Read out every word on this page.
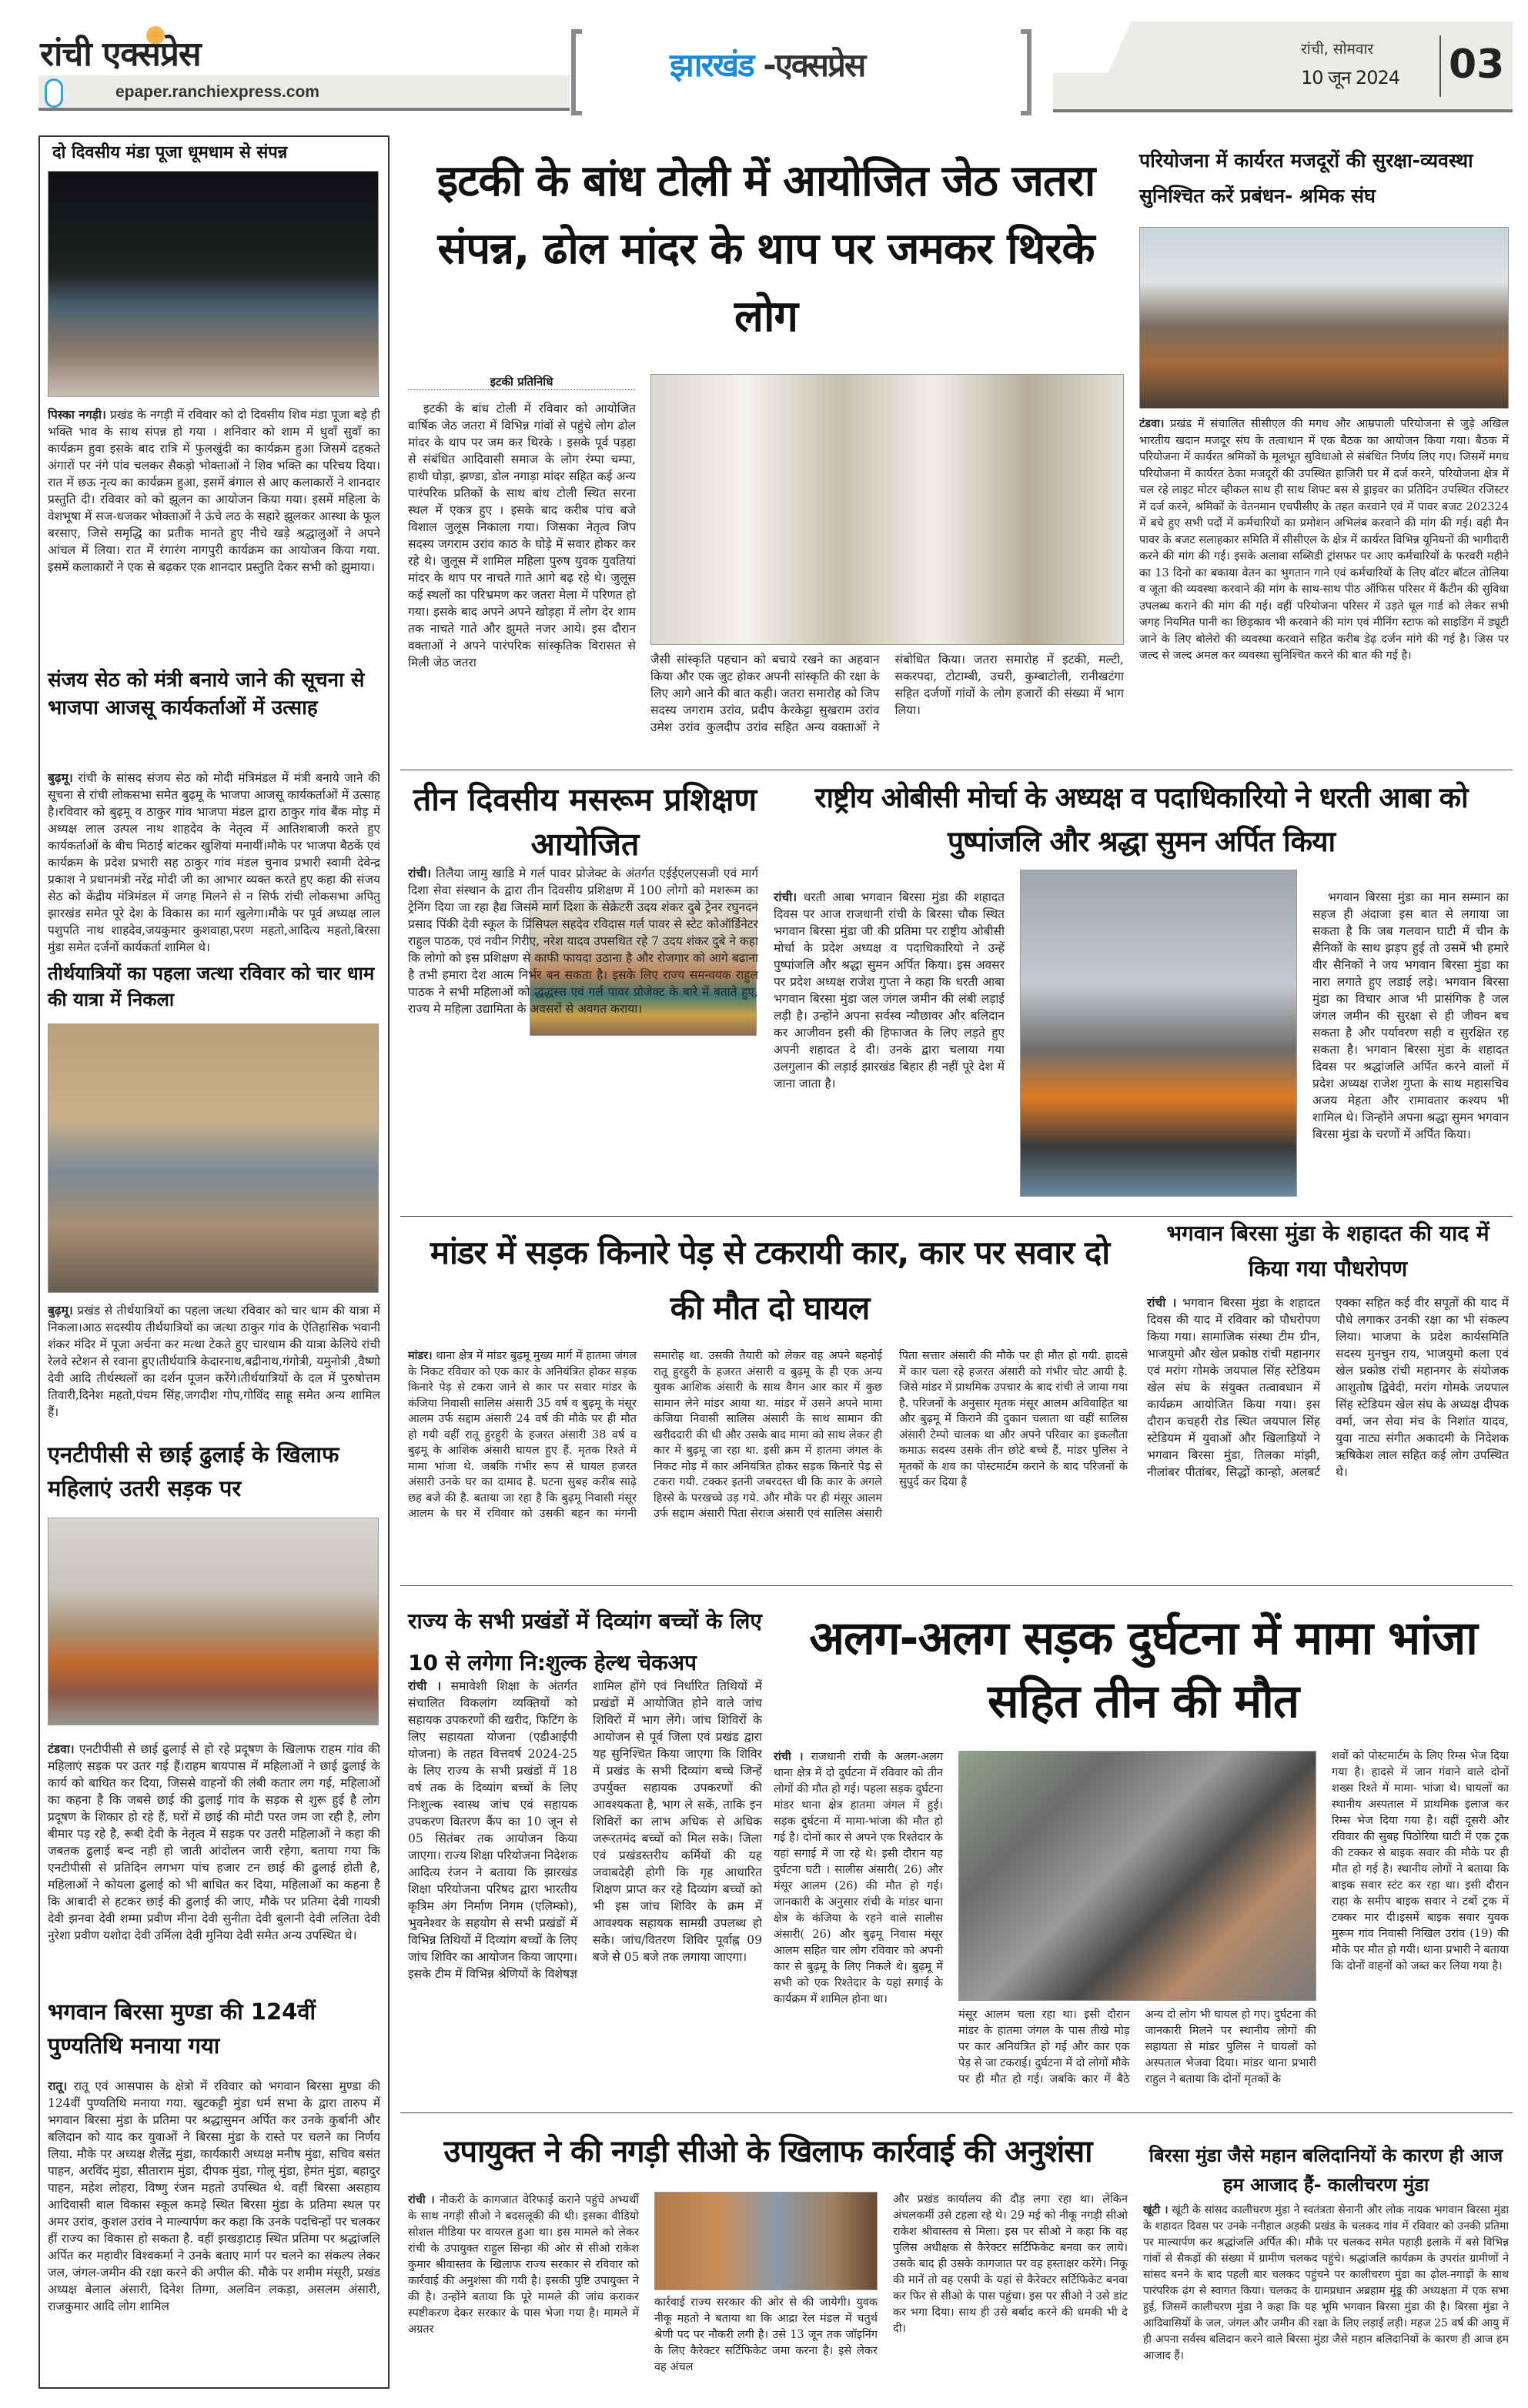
रांची एक्सप्रेस
epaper.ranchiexpress.com
झारखंड -एक्सप्रेस	रांची, सोमवार
10 जून 2024 03
दो दिवसीय मंडा पूजा धूमधाम से संपन्न
पिस्का नगड़ी। प्रखंड के नगड़ी में रविवार को दो दिवसीय शिव मंडा पूजा बड़े ही भक्ति भाव के साथ संपन्न हो गया । शनिवार को शाम में धुवाँ सुवाँ का कार्यक्रम हुवा इसके बाद रात्रि में फुलखुंदी का कार्यक्रम हुआ जिसमें दहकते अंगारों पर नंगे पांव चलकर सैकड़ो भोक्ताओं ने शिव भक्ति का परिचय दिया। रात में छऊ नृत्य का कार्यक्रम हुआ, इसमें बंगाल से आए कलाकारों ने शानदार प्रस्तुति दी। रविवार को को झूलन का आयोजन किया गया। इसमें महिला के वेशभूषा में सज-धजकर भोक्ताओं ने ऊंचे लठ के सहारे झूलकर आस्था के फूल बरसाए, जिसे समृद्धि का प्रतीक मानते हुए नीचे खड़े श्रद्धालुओं ने अपने आंचल में लिया। रात में रंगारंग नागपुरी कार्यक्रम का आयोजन किया गया. इसमें कलाकारों ने एक से बढ़कर एक शानदार प्रस्तुति देकर सभी को झुमाया।
संजय सेठ को मंत्री बनाये जाने की सूचना से भाजपा आजसू कार्यकर्ताओं में उत्साह
बुढ़मू। रांची के सांसद संजय सेठ को मोदी मंत्रिमंडल में मंत्री बनाये जाने की सूचना से रांची लोकसभा समेत बुढ़मू के भाजपा आजसू कार्यकर्ताओं में उत्साह है।रविवार को बुढ़मू व ठाकुर गांव भाजपा मंडल द्वारा ठाकुर गांव बैंक मोड़ में अध्यक्ष लाल उत्पल नाथ शाहदेव के नेतृत्व में आतिशबाजी करते हुए कार्यकर्ताओं के बीच मिठाई बांटकर खुशियां मनायीं।मौके पर भाजपा बैठकें एवं कार्यक्रम के प्रदेश प्रभारी सह ठाकुर गांव मंडल चुनाव प्रभारी स्वामी देवेन्द्र प्रकाश ने प्रधानमंत्री नरेंद्र मोदी जी का आभार व्यक्त करते हुए कहा की संजय सेठ को केंद्रीय मंत्रिमंडल में जगह मिलने से न सिर्फ रांची लोकसभा अपितु झारखंड समेत पूरे देश के विकास का मार्ग खुलेगा।मौके पर पूर्व अध्यक्ष लाल पशुपति नाथ शाहदेव,जयकुमार कुशवाहा,परण महतो,आदित्य महतो,बिरसा मुंडा समेत दर्जनों कार्यकर्ता शामिल थे।
तीर्थयात्रियों का पहला जत्था रविवार को चार धाम की यात्रा में निकला
बुढ़मू। प्रखंड से तीर्थयात्रियों का पहला जत्था रविवार को चार धाम की यात्रा में निकला।आठ सदस्यीय तीर्थयात्रियों का जत्था ठाकुर गांव के ऐतिहासिक भवानी शंकर मंदिर में पूजा अर्चना कर मत्था टेकते हुए चारधाम की यात्रा केलिये रांची रेलवे स्टेशन से रवाना हुए।तीर्थयात्रि केदारनाथ,बद्रीनाथ,गंगोत्री, यमुनोत्री ,वैष्णो देवी आदि तीर्थस्थलों का दर्शन पूजन करेंगे।तीर्थयात्रियों के दल में पुरुषोत्तम तिवारी,दिनेश महतो,पंचम सिंह,जगदीश गोप,गोविंद साहू समेत अन्य शामिल हैं।
एनटीपीसी से छाई ढुलाई के खिलाफ महिलाएं उतरी सड़क पर
टंडवा। एनटीपीसी से छाई ढुलाई से हो रहे प्रदूषण के खिलाफ राहम गांव की महिलाएं सड़क पर उतर गई हैं।राहम बायपास में महिलाओं ने छाई ढुलाई के कार्य को बाधित कर दिया, जिससे वाहनों की लंबी कतार लग गई, महिलाओं का कहना है कि जबसे छाई की ढुलाई गांव के सड़क से शुरू हुई है लोग प्रदूषण के शिकार हो रहे हैं, घरों में छाई की मोटी परत जम जा रही है, लोग बीमार पड़ रहे है, रूबी देवी के नेतृत्व में सड़क पर उतरी महिलाओं ने कहा की जबतक ढुलाई बन्द नही हो जाती आंदोलन जारी रहेगा, बताया गया कि एनटीपीसी से प्रतिदिन लगभग पांच हजार टन छाई की ढुलाई होती है, महिलाओं ने कोयला ढुलाई को भी बाधित कर दिया, महिलाओं का कहना है कि आबादी से हटकर छाई की ढुलाई की जाए, मौके पर प्रतिमा देवी गायत्री देवी झनवा देवी शम्मा प्रवीण मीना देवी सुनीता देवी बुलानी देवी ललिता देवी नुरेशा प्रवीण यशोदा देवी उर्मिला देवी मुनिया देवी समेत अन्य उपस्थित थे।
भगवान बिरसा मुण्डा की 124वीं पुण्यतिथि मनाया गया
रातू। रातू एवं आसपास के क्षेत्रो में रविवार को भगवान बिरसा मुण्डा की 124वीं पुण्यतिथि मनाया गया. खुटकट्टी मुंडा धर्म सभा के द्वारा तारुप में भगवान बिरसा मुंडा के प्रतिमा पर श्रद्धासुमन अर्पित कर उनके कुर्बानी और बलिदान को याद कर युवाओं ने बिरसा मुंडा के रास्ते पर चलने का निर्णय लिया. मौके पर अध्यक्ष शैलेंद्र मुंडा, कार्यकारी अध्यक्ष मनीष मुंडा, सचिव बसंत पाहन, अरविंद मुंडा, सीताराम मुंडा, दीपक मुंडा, गोलू मुंडा, हेमंत मुंडा, बहादुर पाहन, महेश लोहरा, विष्णु रंजन महतो उपस्थित थे. वहीं बिरसा असहाय आदिवासी बाल विकास स्कूल कमड़े स्थित बिरसा मुंडा के प्रतिमा स्थल पर अमर उरांव, कुशल उरांव ने माल्यार्पण कर कहा कि उनके पदचिन्हों पर चलकर हीं राज्य का विकास हो सकता है. वहीं झखड़ाटाड़ स्थित प्रतिमा पर श्रद्धांजलि अर्पित कर महावीर विश्वकर्मा ने उनके बताए मार्ग पर चलने का संकल्प लेकर जल, जंगल-जमीन की रक्षा करने की अपील की. मौके पर शमीम मंसूरी, प्रखंड अध्यक्ष बेलाल अंसारी, दिनेश तिग्गा, अलविन लकड़ा, असलम अंसारी, राजकुमार आदि लोग शामिल
इटकी के बांध टोली में आयोजित जेठ जतरा संपन्न, ढोल मांदर के थाप पर जमकर थिरके लोग
इटकी प्रतिनिधि
इटकी के बांध टोली में रविवार को आयोजित वार्षिक जेठ जतरा में विभिन्न गांवों से पहुंचे लोग ढोल मांदर के थाप पर जम कर थिरके । इसके पूर्व पड़हा से संबंधित आदिवासी समाज के लोग रंम्पा चम्पा, हाथी घोड़ा, झण्डा, डोल नगाड़ा मांदर सहित कई अन्य पारंपरिक प्रतिकों के साथ बांध टोली स्थित सरना स्थल में एकत्र हुए । इसके बाद करीब पांच बजे विशाल जुलूस निकाला गया। जिसका नेतृत्व जिप सदस्य जगराम उरांव काठ के घोड़े में सवार होकर कर रहे थे। जुलूस में शामिल महिला पुरुष युवक युवतियां मांदर के थाप पर नाचते गाते आगे बढ़ रहे थे। जुलूस कई स्थलों का परिभ्रमण कर जतरा मेला में परिणत हो गया। इसके बाद अपने अपने खोड़हा में लोग देर शाम तक नाचते गाते और झुमते नजर आये। इस दौरान वक्ताओं ने अपने पारंपरिक सांस्कृतिक विरासत से मिली जेठ जतरा	जैसी सांस्कृति पहचान को बचाये रखने का अहवान किया और एक जुट होकर अपनी सांस्कृति की रक्षा के लिए आगे आने की बात कही। जतरा समारोह को जिप सदस्य जगराम उरांव, प्रदीप केरकेट्टा सुखराम उरांव उमेश उरांव कुलदीप उरांव सहित अन्य वक्ताओं ने संबोधित किया। जतरा समारोह में इटकी, मल्टी, सकरपदा, टोटाम्बी, उचरी, कुम्बाटोली, रानीखटंगा सहित दर्जणों गांवों के लोग हजारों की संख्या में भाग लिया।
परियोजना में कार्यरत मजदूरों की सुरक्षा-व्यवस्था सुनिश्चित करें प्रबंधन- श्रमिक संघ
टंडवा। प्रखंड में संचालित सीसीएल की मगध और आम्रपाली परियोजना से जुड़े अखिल भारतीय खदान मजदूर संघ के तत्वाधान में एक बैठक का आयोजन किया गया। बैठक में परियोजना में कार्यरत श्रमिकों के मूलभूत सुविधाओ से संबंधित निर्णय लिए गए। जिसमें मगध परियोजना में कार्यरत ठेका मजदूरों की उपस्थित हाजिरी घर में दर्ज करने, परियोजना क्षेत्र में चल रहे लाइट मोटर व्हीकल साथ ही साथ शिफ्ट बस से ड्राइवर का प्रतिदिन उपस्थित रजिस्टर में दर्ज करने, श्रमिकों के वेतनमान एचपीसीए के तहत करवाने एवं में पावर बजट 202324 में बचे हुए सभी पदों में कर्मचारियों का प्रमोशन अभिलंब करवाने की मांग की गई। वही मैन पावर के बजट सलाहकार समिति में सीसीएल के क्षेत्र में कार्यरत विभिन्न यूनियनों की भागीदारी करने की मांग की गई। इसके अलावा सब्सिडी ट्रांसफर पर आए कर्मचारियों के फरवरी महीने का 13 दिनो का बकाया वेतन का भुगतान गाने एवं कर्मचारियों के लिए वॉटर बॉटल तोलिया व जूता की व्यवस्था करवाने की मांग के साथ-साथ पीठ ऑफिस परिसर में कैंटीन की सुविधा उपलब्ध कराने की मांग की गई। वहीं परियोजना परिसर में उड़ते धूल गार्ड को लेकर सभी जगह नियमित पानी का छिड़काव भी करवाने की मांग एवं मीनिंग स्टाफ को साइडिंग में ड्यूटी जाने के लिए बोलेरो की व्यवस्था करवाने सहित करीब डेढ़ दर्जन मांगे की गई है। जिस पर जल्द से जल्द अमल कर व्यवस्था सुनिश्चित करने की बात की गई है।
तीन दिवसीय मसरूम प्रशिक्षण आयोजित
रांची। तिलैया जामु खाडि मे गर्ल पावर प्रोजेक्ट के अंतर्गत एईईएलएसजी एवं मार्ग दिशा सेवा संस्थान के द्वारा तीन दिवसीय प्रशिक्षण में 100 लोगो को मशरूम का ट्रेनिंग दिया जा रहा हैद्य जिसमे मार्ग दिशा के सेक्रेटरी उदय शंकर दुबे ट्रेनर रघुनदन प्रसाद पिंकी देवी स्कूल के प्रिंसिपल सहदेव रविदास गर्ल पावर से स्टेट कोऑर्डिनेटर राहुल पाठक, एवं नवीन गिरीए, नरेश यादव उपसथित रहे 7 उदय शंकर दुबे ने कहा कि लोगो को इस प्रशिक्षण से काफी फायदा उठाना है और रोजगार को आगे बढाना है तभी हमारा देश आत्म निर्भर बन सकता है। इसके लिए राज्य समन्वयक राहुल पाठक ने सभी महिलाओं को द्धद्धस्त्त एवं गर्ल पावर प्रोजेक्ट के बारे में बताते हुए, राज्य मे महिला उद्यामिता के अवसरों से अवगत कराया।
राष्ट्रीय ओबीसी मोर्चा के अध्यक्ष व पदाधिकारियो ने धरती आबा को पुष्पांजलि और श्रद्धा सुमन अर्पित किया
रांची। धरती आबा भगवान बिरसा मुंडा की शहादत दिवस पर आज राजधानी रांची के बिरसा चौक स्थित भगवान बिरसा मुंडा जी की प्रतिमा पर राष्ट्रीय ओबीसी मोर्चा के प्रदेश अध्यक्ष व पदाधिकारियो ने उन्हें पुष्पांजलि और श्रद्धा सुमन अर्पित किया। इस अवसर पर प्रदेश अध्यक्ष राजेश गुप्ता ने कहा कि धरती आबा भगवान बिरसा मुंडा जल जंगल जमीन की लंबी लड़ाई लड़ी है। उन्होंने अपना सर्वस्व न्यौछावर और बलिदान कर आजीवन इसी की हिफाजत के लिए लड़ते हुए अपनी शहादत दे दी। उनके द्वारा चलाया गया उलगुलान की लड़ाई झारखंड बिहार ही नहीं पूरे देश में जाना जाता है।
भगवान बिरसा मुंडा का मान सम्मान का सहज ही अंदाजा इस बात से लगाया जा सकता है कि जब गलवान घाटी में चीन के सैनिकों के साथ झड़प हुई तो उसमें भी हमारे वीर सैनिकों ने जय भगवान बिरसा मुंडा का नारा लगाते हुए लडाई लड़े। भगवान बिरसा मुंडा का विचार आज भी प्रासंगिक है जल जंगल जमीन की सुरक्षा से ही जीवन बच सकता है और पर्यावरण सही व सुरक्षित रह सकता है। भगवान बिरसा मुंडा के शहादत दिवस पर श्रद्धांजलि अर्पित करने वालों में प्रदेश अध्यक्ष राजेश गुप्ता के साथ महासचिव अजय मेहता और रामावतार कश्यप भी शामिल थे। जिन्होंने अपना श्रद्धा सुमन भगवान बिरसा मुंडा के चरणों में अर्पित किया।
मांडर में सड़क किनारे पेड़ से टकरायी कार, कार पर सवार दो की मौत दो घायल
मांडर। थाना क्षेत्र में मांडर बुढ़मू मुख्य मार्ग में हातमा जंगल के निकट रविवार को एक कार के अनियंत्रित होकर सड़क किनारे पेड़ से टकरा जाने से कार पर सवार मांडर के कंजिया निवासी सालिस अंसारी 35 वर्ष व बुढ़मू के मंसूर आलम उर्फ सद्दाम अंसारी 24 वर्ष की मौके पर ही मौत हो गयी वहीं रातू हुरहुरी के हजरत अंसारी 38 वर्ष व बुढ़मू के आशिक अंसारी घायल हुए हैं. मृतक रिश्ते में मामा भांजा थे. जबकि गंभीर रूप से घायल हजरत अंसारी उनके घर का दामाद है. घटना सुबह करीब साढ़े छह बजे की है. बताया जा रहा है कि बुढ़मू निवासी मंसूर आलम के घर में रविवार को उसकी बहन का मंगनी समारोह था. उसकी तैयारी को लेकर वह अपने बहनोई रातू हुरहुरी के हजरत अंसारी व बुढ़मू के ही एक अन्य युवक आशिक अंसारी के साथ वैगन आर कार में कुछ सामान लेने मांडर आया था. मांडर में उसने अपने मामा कंजिया निवासी सालिस अंसारी के साथ सामान की खरीददारी की थी और उसके बाद मामा को साथ लेकर ही कार में बुढ़मू जा रहा था. इसी क्रम में हातमा जंगल के निकट मोड़ में कार अनियंत्रित होकर सड़क किनारे पेड़ से टकरा गयी. टक्कर इतनी जबरदस्त थी कि कार के अगले हिस्से के परखच्चे उड़ गये. और मौके पर ही मंसूर आलम उर्फ सद्दाम अंसारी पिता सेराज अंसारी एवं सालिस अंसारी पिता सत्तार अंसारी की मौके पर ही मौत हो गयी. हादसे में कार चला रहे हजरत अंसारी को गंभीर चोट आयी है. जिसे मांडर में प्राथमिक उपचार के बाद रांची ले जाया गया है. परिजनों के अनुसार मृतक मंसूर आलम अविवाहित था और बुढ़मू में किराने की दुकान चलाता था वहीं सालिस अंसारी टेम्पो चालक था और अपने परिवार का इकलौता कमाऊ सदस्य उसके तीन छोटे बच्चे हैं. मांडर पुलिस ने मृतकों के शव का पोस्टमार्टम कराने के बाद परिजनों के सुपुर्द कर दिया है
भगवान बिरसा मुंडा के शहादत की याद में किया गया पौधरोपण
रांची । भगवान बिरसा मुंडा के शहादत दिवस की याद में रविवार को पौधरोपण किया गया। सामाजिक संस्था टीम ग्रीन, भाजयुमो और खेल प्रकोष्ठ रांची महानगर एवं मरांग गोमके जयपाल सिंह स्टेडियम खेल संघ के संयुक्त तत्वावधान में कार्यक्रम आयोजित किया गया। इस दौरान कचहरी रोड स्थित जयपाल सिंह स्टेडियम में युवाओं और खिलाड़ियों ने भगवान बिरसा मुंडा, तिलका मांझी, नीलांबर पीतांबर, सिद्धों कान्हो, अलबर्ट एक्का सहित कई वीर सपूतों की याद में पौधे लगाकर उनकी रक्षा का भी संकल्प लिया। भाजपा के प्रदेश कार्यसमिति सदस्य मुनचुन राय, भाजयुमो कला एवं खेल प्रकोष्ठ रांची महानगर के संयोजक आशुतोष द्विवेदी, मरांग गोमके जयपाल सिंह स्टेडियम खेल संघ के अध्यक्ष दीपक वर्मा, जन सेवा मंच के निशांत यादव, युवा नाट्य संगीत अकादमी के निदेशक ऋषिकेश लाल सहित कई लोग उपस्थित थे।
राज्य के सभी प्रखंडों में दिव्यांग बच्चों के लिए 10 से लगेगा नि:शुल्क हेल्थ चेकअप
रांची । समावेशी शिक्षा के अंतर्गत संचालित विकलांग व्यक्तियों को सहायक उपकरणों की खरीद, फिटिंग के लिए सहायता योजना (एडीआईपी योजना) के तहत वित्तवर्ष 2024-25 के लिए राज्य के सभी प्रखंडों में 18 वर्ष तक के दिव्यांग बच्चों के लिए निःशुल्क स्वास्थ जांच एवं सहायक उपकरण वितरण कैंप का 10 जून से 05 सितंबर तक आयोजन किया जाएगा। राज्य शिक्षा परियोजना निदेशक आदित्य रंजन ने बताया कि झारखंड शिक्षा परियोजना परिषद द्वारा भारतीय कृत्रिम अंग निर्माण निगम (एलिम्को), भुवनेश्वर के सहयोग से सभी प्रखंडों में विभिन्न तिथियों में दिव्यांग बच्चों के लिए जांच शिविर का आयोजन किया जाएगा। इसके टीम में विभिन्न श्रेणियों के विशेषज्ञ शामिल होंगे एवं निर्धारित तिथियों में प्रखंडों में आयोजित होने वाले जांच शिविरों में भाग लेंगे। जांच शिविरों के आयोजन से पूर्व जिला एवं प्रखंड द्वारा यह सुनिश्चित किया जाएगा कि शिविर में प्रखंड के सभी दिव्यांग बच्चे जिन्हें उपर्युक्त सहायक उपकरणों की आवश्यकता है, भाग ले सकें, ताकि इन शिविरों का लाभ अधिक से अधिक जरूरतमंद बच्चों को मिल सके। जिला एवं प्रखंडस्तरीय कर्मियों की यह जवाबदेही होगी कि गृह आधारित शिक्षण प्राप्त कर रहे दिव्यांग बच्चों को भी इस जांच शिविर के क्रम में आवश्यक सहायक सामग्री उपलब्ध हो सके। जांच/वितरण शिविर पूर्वाह्न 09 बजे से 05 बजे तक लगाया जाएगा।
अलग-अलग सड़क दुर्घटना में मामा भांजा सहित तीन की मौत
रांची । राजधानी रांची के अलग-अलग थाना क्षेत्र में दो दुर्घटना में रविवार को तीन लोगों की मौत हो गई। पहला सड़क दुर्घटना मांडर थाना क्षेत्र हातमा जंगल में हुई। सड़क दुर्घटना में मामा-भांजा की मौत हो गई है। दोनों कार से अपने एक रिश्तेदार के यहां सगाई में जा रहे थे। इसी दौरान यह दुर्घटना घटी । सालीस अंसारी( 26) और मंसूर आलम (26) की मौत हो गई। जानकारी के अनुसार रांची के मांडर थाना क्षेत्र के कंजिया के रहने वाले सालीस अंसारी( 26) और बुढ़मू निवास मंसूर आलम सहित चार लोग रविवार को अपनी कार से बुढ़मू के लिए निकले थे। बुढ़मू में सभी को एक रिश्तेदार के यहां सगाई के कार्यक्रम में शामिल होना था।
मंसूर आलम चला रहा था। इसी दौरान मांडर के हातमा जंगल के पास तीखे मोड़ पर कार अनियंत्रित हो गई और कार एक पेड़ से जा टकराई। दुर्घटना में दो लोगों मौके पर ही मौत हो गई। जबकि कार में बैठे अन्य दो लोग भी घायल हो गए। दुर्घटना की जानकारी मिलने पर स्थानीय लोगों की सहायता से मांडर पुलिस ने घायलों को अस्पताल भेजवा दिया। मांडर थाना प्रभारी राहुल ने बताया कि दोनों मृतकों के
शवों को पोस्टमार्टम के लिए रिम्स भेज दिया गया है। हादसे में जान गंवाने वाले दोनों शख्स रिश्ते में मामा- भांजा थे। घायलों का स्थानीय अस्पताल में प्राथमिक इलाज कर रिम्स भेज दिया गया है। वहीं दूसरी और रविवार की सुबह पिठोरिया घाटी में एक ट्रक की टक्कर से बाइक सवार की मौके पर ही मौत हो गई है। स्थानीय लोगों ने बताया कि बाइक सवार स्टंट कर रहा था। इसी दौरान राहा के समीप बाइक सवार ने टर्बो ट्रक में टक्कर मार दी।इसमें बाइक सवार युवक मुरूम गांव निवासी निखिल उरांव (19) की मौके पर मौत हो गयी। थाना प्रभारी ने बताया कि दोनों वाहनों को जब्त कर लिया गया है।
उपायुक्त ने की नगड़ी सीओ के खिलाफ कार्रवाई की अनुशंसा
रांची । नौकरी के कागजात वेरिफाई कराने पहुंचे अभ्यर्थी के साथ नगड़ी सीओ ने बदसलूकी की थी। इसका वीडियो सोशल मीडिया पर वायरल हुआ था। इस मामले को लेकर रांची के उपायुक्त राहुल सिन्हा की ओर से सीओ राकेश कुमार श्रीवास्तव के खिलाफ राज्य सरकार से रविवार को कार्रवाई की अनुशंसा की गयी है। इसकी पुष्टि उपायुक्त ने की है। उन्होंने बताया कि पूरे मामले की जांच कराकर स्पष्टीकरण देकर सरकार के पास भेजा गया है। मामले में अग्रतर
कार्रवाई राज्य सरकार की ओर से की जायेगी। युवक नीकू महतो ने बताया था कि आद्रा रेल मंडल में चतुर्थ श्रेणी पद पर नौकरी लगी है। उसे 13 जून तक जॉइनिंग के लिए कैरेक्टर सर्टिफिकेट जमा करना है। इसे लेकर वह अंचल
और प्रखंड कार्यालय की दौड़ लगा रहा था। लेकिन अंचलकर्मी उसे टहला रहे थे। 29 मई को नीकू नगड़ी सीओ राकेश श्रीवास्तव से मिला। इस पर सीओ ने कहा कि वह पुलिस अधीक्षक से कैरेक्टर सर्टिफिकेट बनवा कर लाये। उसके बाद ही उसके कागजात पर वह हस्ताक्षर करेंगे। निकू की मानें तो वह एसपी के यहां से कैरेक्टर सर्टिफिकेट बनवा कर फिर से सीओ के पास पहुंचा। इस पर सीओ ने उसे डांट कर भगा दिया। साथ ही उसे बर्बाद करने की धमकी भी दे दी।
बिरसा मुंडा जैसे महान बलिदानियों के कारण ही आज हम आजाद हैं- कालीचरण मुंडा
खूंटी । खूंटी के सांसद कालीचरण मुंडा ने स्वतंत्रता सेनानी और लोक नायक भगवान बिरसा मुंडा के शहादत दिवस पर उनके ननीहाल अड़की प्रखंड के चलकद गांव में रविवार को उनकी प्रतिमा पर माल्यार्पण कर श्रद्धांजलि अर्पित की। मौके पर चलकद समेत पहाड़ी इलाके में बसे विभिन्न गांवों से सैकड़ों की संख्या में ग्रामीण चलकद पहुंचे। श्रद्धांजलि कार्यक्रम के उपरांत ग्रामीणों ने सांसद बनने के बाद पहली बार चलकद पहुंचने पर कालीचरण मुंडा का ढ़ोल-नगाड़ों के साथ पारंपरिक ढ़ंग से स्वागत किया। चलकद के ग्रामप्रधान अब्रहाम मुंडू की अध्यक्षता में एक सभा हुई, जिसमें कालीचरण मुंडा ने कहा कि यह भूमि भगवान बिरसा मुंडा की है। बिरसा मुंडा ने आदिवासियों के जल, जंगल और जमीन की रक्षा के लिए लड़ाई लड़ी। महज 25 वर्ष की आयु में ही अपना सर्वस्व बलिदान करने वाले बिरसा मुंडा जैसे महान बलिदानियों के कारण ही आज हम आजाद हैं।
